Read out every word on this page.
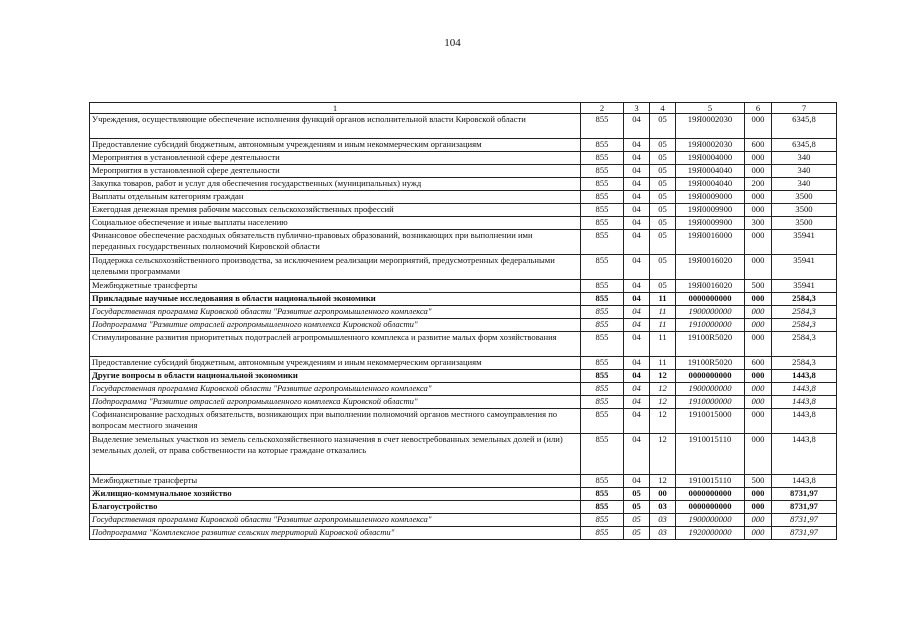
104
1	2	3	4	5	6	7
Учреждения, осуществляющие обеспечение исполнения функций органов исполнительной власти Кировской области	855	04	05	19Я0002030	000	6345,8
Предоставление субсидий бюджетным, автономным учреждениям и иным некоммерческим организациям	855	04	05	19Я0002030	600	6345,8
Мероприятия в установленной сфере деятельности	855	04	05	19Я0004000	000	340
Мероприятия в установленной сфере деятельности	855	04	05	19Я0004040	000	340
Закупка товаров, работ и услуг для обеспечения государственных (муниципальных) нужд	855	04	05	19Я0004040	200	340
Выплаты отдельным категориям граждан	855	04	05	19Я0009000	000	3500
Ежегодная денежная премия рабочим массовых сельскохозяйственных профессий	855	04	05	19Я0009900	000	3500
Социальное обеспечение и иные выплаты населению	855	04	05	19Я0009900	300	3500
Финансовое обеспечение расходных обязательств публично-правовых образований, возникающих при выполнении ими переданных государственных полномочий Кировской области	855	04	05	19Я0016000	000	35941
Поддержка сельскохозяйственного производства, за исключением реализации мероприятий, предусмотренных федеральными целевыми программами	855	04	05	19Я0016020	000	35941
Межбюджетные трансферты	855	04	05	19Я0016020	500	35941
Прикладные научные исследования в области национальной экономики	855	04	11	0000000000	000	2584,3
Государственная программа Кировской области "Развитие агропромышленного комплекса"	855	04	11	1900000000	000	2584,3
Подпрограмма "Развитие отраслей агропромышленного комплекса Кировской области"	855	04	11	1910000000	000	2584,3
Стимулирование развития приоритетных подотраслей агропромышленного комплекса и развитие малых форм хозяйствования	855	04	11	19100R5020	000	2584,3
Предоставление субсидий бюджетным, автономным учреждениям и иным некоммерческим организациям	855	04	11	19100R5020	600	2584,3
Другие вопросы в области национальной экономики	855	04	12	0000000000	000	1443,8
Государственная программа Кировской области "Развитие агропромышленного комплекса"	855	04	12	1900000000	000	1443,8
Подпрограмма "Развитие отраслей агропромышленного комплекса Кировской области"	855	04	12	1910000000	000	1443,8
Софинансирование расходных обязательств, возникающих при выполнении полномочий органов местного самоуправления по вопросам местного значения	855	04	12	1910015000	000	1443,8
Выделение земельных участков из земель сельскохозяйственного назначения в счет невостребованных земельных долей и (или) земельных долей, от права собственности на которые граждане отказались	855	04	12	1910015110	000	1443,8
Межбюджетные трансферты	855	04	12	1910015110	500	1443,8
Жилищно-коммунальное хозяйство	855	05	00	0000000000	000	8731,97
Благоустройство	855	05	03	0000000000	000	8731,97
Государственная программа Кировской области "Развитие агропромышленного комплекса"	855	05	03	1900000000	000	8731,97
Подпрограмма "Комплексное развитие сельских территорий Кировской области"	855	05	03	1920000000	000	8731,97
